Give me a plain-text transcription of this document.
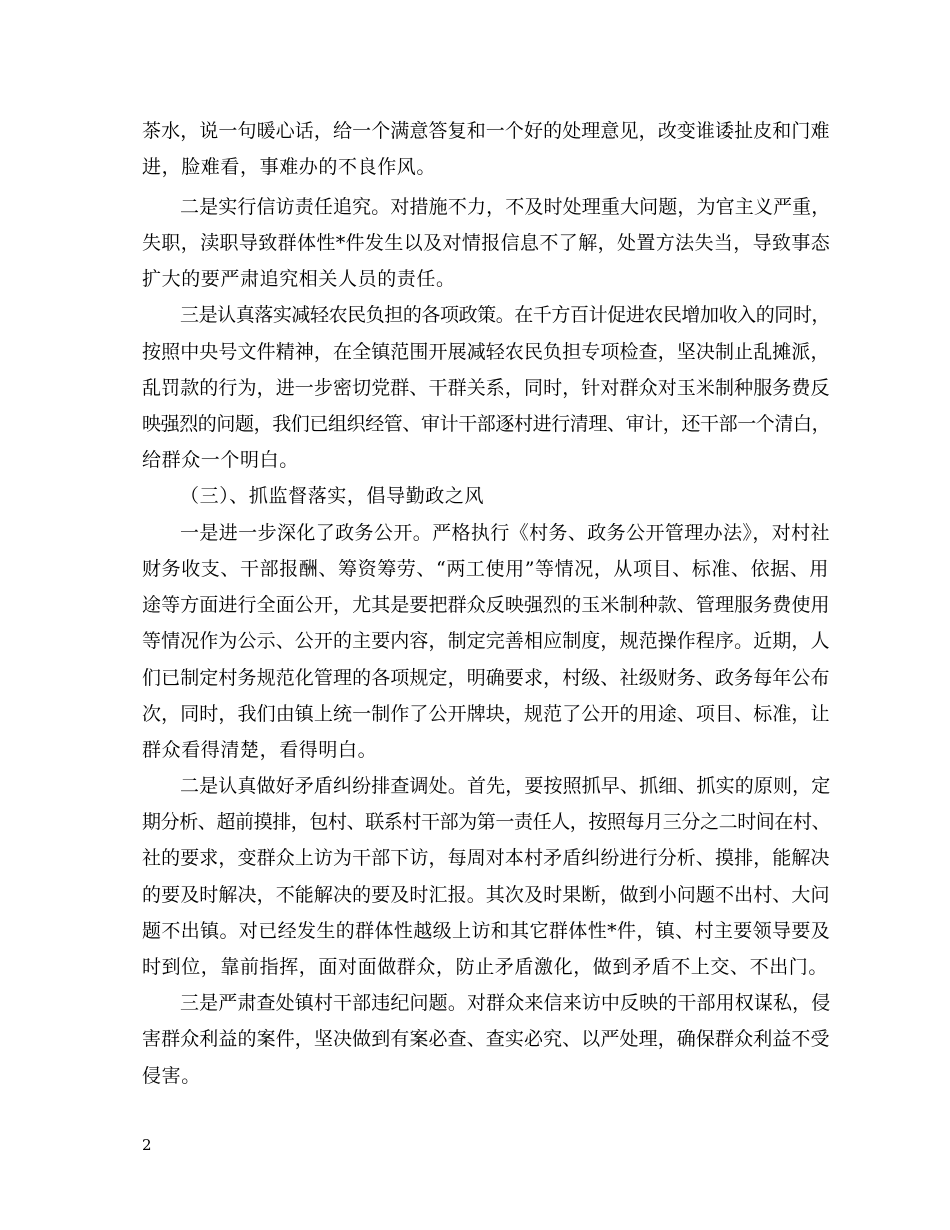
茶水，说一句暖心话，给一个满意答复和一个好的处理意见，改变谁诿扯皮和门难
进，脸难看，事难办的不良作风。
二是实行信访责任追究。对措施不力，不及时处理重大问题，为官主义严重，
失职，渎职导致群体性*件发生以及对情报信息不了解，处置方法失当，导致事态
扩大的要严肃追究相关人员的责任。
三是认真落实减轻农民负担的各项政策。在千方百计促进农民增加收入的同时，
按照中央号文件精神，在全镇范围开展减轻农民负担专项检查，坚决制止乱摊派，
乱罚款的行为，进一步密切党群、干群关系，同时，针对群众对玉米制种服务费反
映强烈的问题，我们已组织经管、审计干部逐村进行清理、审计，还干部一个清白，
给群众一个明白。
（三）、抓监督落实，倡导勤政之风
一是进一步深化了政务公开。严格执行《村务、政务公开管理办法》，对村社
财务收支、干部报酬、筹资筹劳、“两工使用”等情况，从项目、标准、依据、用
途等方面进行全面公开，尤其是要把群众反映强烈的玉米制种款、管理服务费使用
等情况作为公示、公开的主要内容，制定完善相应制度，规范操作程序。近期，人
们已制定村务规范化管理的各项规定，明确要求，村级、社级财务、政务每年公布
次，同时，我们由镇上统一制作了公开牌块，规范了公开的用途、项目、标准，让
群众看得清楚，看得明白。
二是认真做好矛盾纠纷排查调处。首先，要按照抓早、抓细、抓实的原则，定
期分析、超前摸排，包村、联系村干部为第一责任人，按照每月三分之二时间在村、
社的要求，变群众上访为干部下访，每周对本村矛盾纠纷进行分析、摸排，能解决
的要及时解决，不能解决的要及时汇报。其次及时果断，做到小问题不出村、大问
题不出镇。对已经发生的群体性越级上访和其它群体性*件，镇、村主要领导要及
时到位，靠前指挥，面对面做群众，防止矛盾激化，做到矛盾不上交、不出门。
三是严肃查处镇村干部违纪问题。对群众来信来访中反映的干部用权谋私，侵
害群众利益的案件，坚决做到有案必查、查实必究、以严处理，确保群众利益不受
侵害。
2
